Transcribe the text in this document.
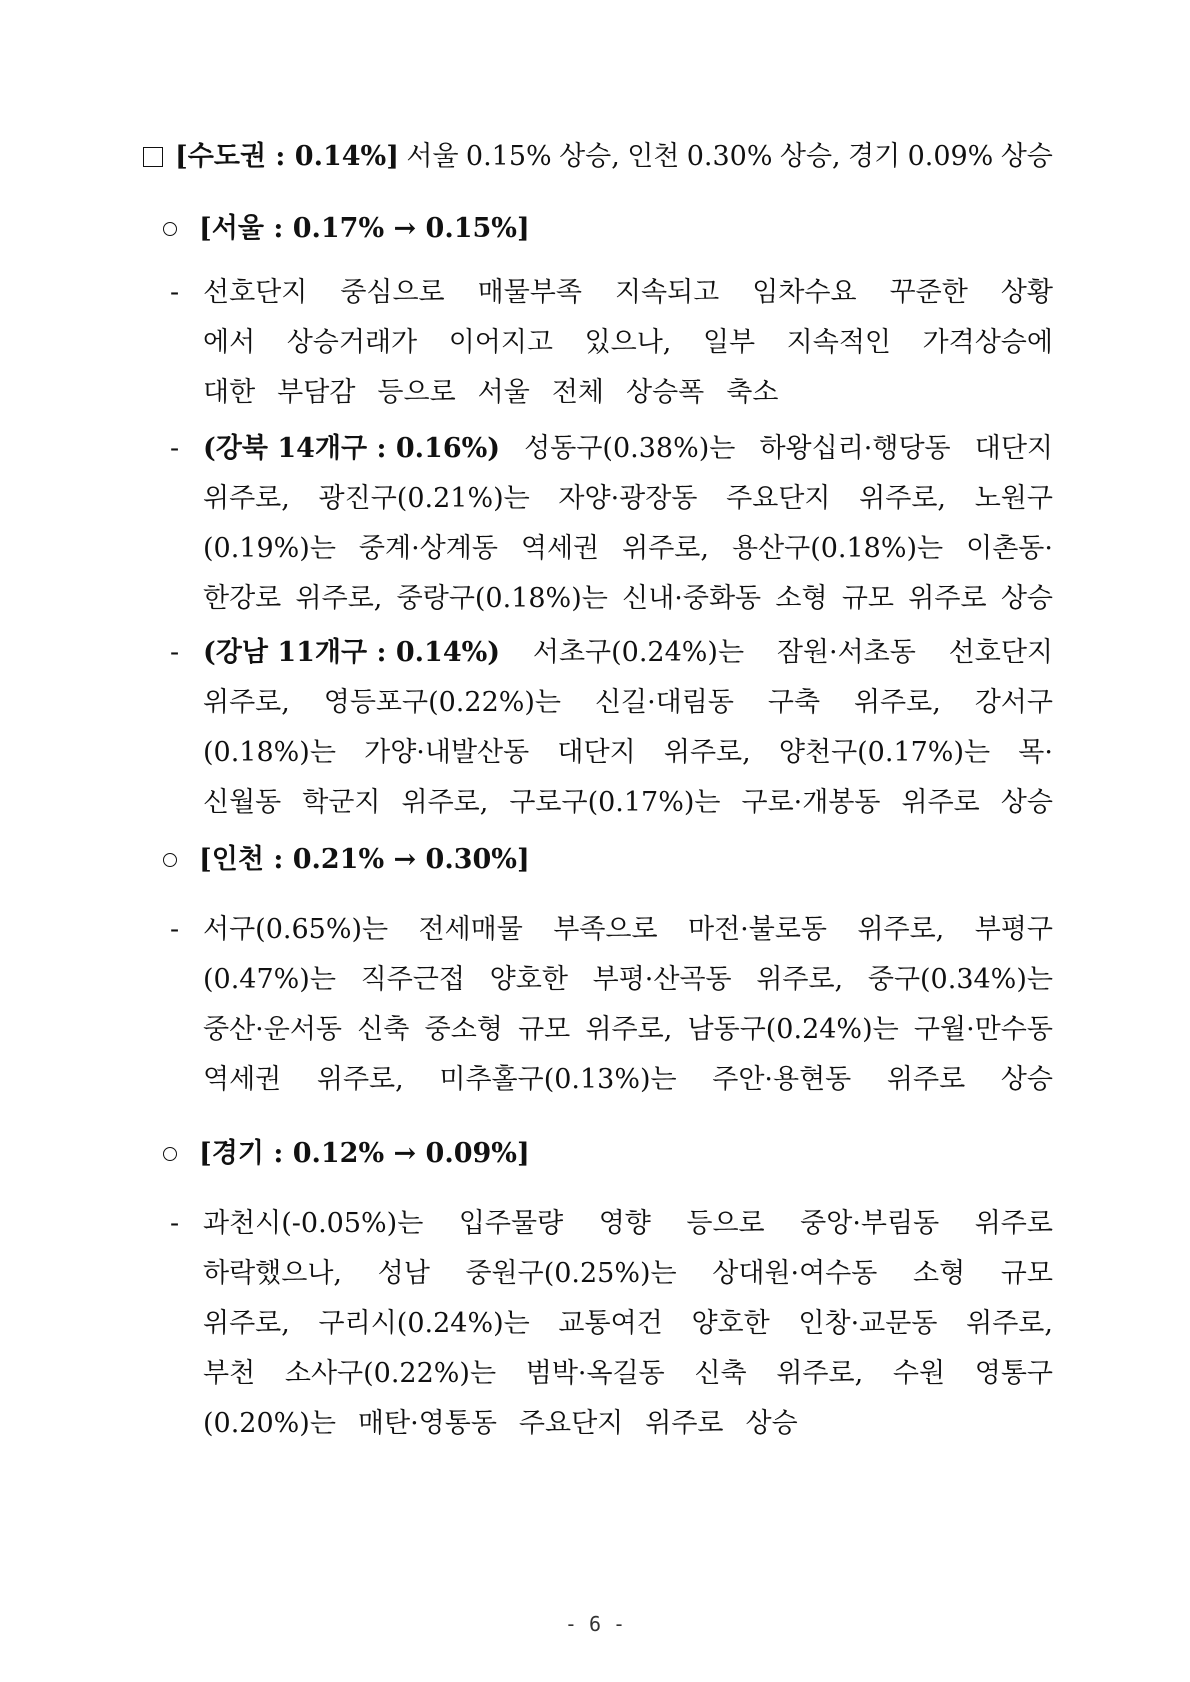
[수도권 : 0.14%] 서울 0.15% 상승, 인천 0.30% 상승, 경기 0.09% 상승
[서울 : 0.17% → 0.15%]
- 선호단지 중심으로 매물부족 지속되고 임차수요 꾸준한 상황
에서 상승거래가 이어지고 있으나, 일부 지속적인 가격상승에
대한 부담감 등으로 서울 전체 상승폭 축소
- (강북 14개구 : 0.16%) 성동구(0.38%)는 하왕십리·행당동 대단지
위주로, 광진구(0.21%)는 자양·광장동 주요단지 위주로, 노원구
(0.19%)는 중계·상계동 역세권 위주로, 용산구(0.18%)는 이촌동·
한강로 위주로, 중랑구(0.18%)는 신내·중화동 소형 규모 위주로 상승
- (강남 11개구 : 0.14%) 서초구(0.24%)는 잠원·서초동 선호단지
위주로, 영등포구(0.22%)는 신길·대림동 구축 위주로, 강서구
(0.18%)는 가양·내발산동 대단지 위주로, 양천구(0.17%)는 목·
신월동 학군지 위주로, 구로구(0.17%)는 구로·개봉동 위주로 상승
[인천 : 0.21% → 0.30%]
- 서구(0.65%)는 전세매물 부족으로 마전·불로동 위주로, 부평구
(0.47%)는 직주근접 양호한 부평·산곡동 위주로, 중구(0.34%)는
중산·운서동 신축 중소형 규모 위주로, 남동구(0.24%)는 구월·만수동
역세권 위주로, 미추홀구(0.13%)는 주안·용현동 위주로 상승
[경기 : 0.12% → 0.09%]
- 과천시(-0.05%)는 입주물량 영향 등으로 중앙·부림동 위주로
하락했으나, 성남 중원구(0.25%)는 상대원·여수동 소형 규모
위주로, 구리시(0.24%)는 교통여건 양호한 인창·교문동 위주로,
부천 소사구(0.22%)는 범박·옥길동 신축 위주로, 수원 영통구
(0.20%)는 매탄·영통동 주요단지 위주로 상승
- 6 -
